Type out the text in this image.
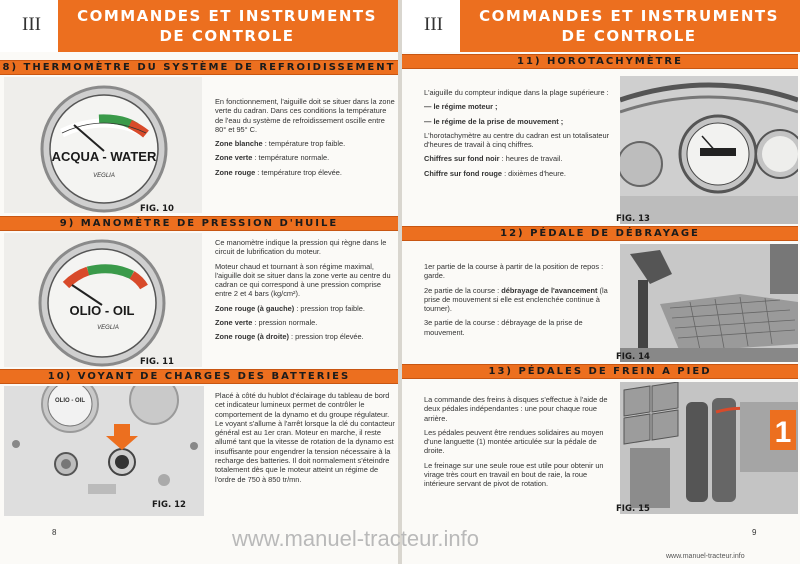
III	COMMANDES ET INSTRUMENTS
DE CONTROLE
8) THERMOMÈTRE DU SYSTÈME DE REFROIDISSEMENT
ACQUA - WATER
VEGLIA
FIG. 10

En fonctionnement, l'aiguille doit se situer dans la zone verte du cadran. Dans ces conditions la température de l'eau du système de refroidissement oscille entre 80° et 95° C.

Zone blanche : température trop faible.

Zone verte : température normale.

Zone rouge : température trop élevée.

9) MANOMÈTRE DE PRESSION D'HUILE
OLIO - OIL
VEGLIA
FIG. 11

Ce manomètre indique la pression qui règne dans le circuit de lubrification du moteur.

Moteur chaud et tournant à son régime maximal, l'aiguille doit se situer dans la zone verte au centre du cadran ce qui correspond à une pression comprise entre 2 et 4 bars (kg/cm²).

Zone rouge (à gauche) : pression trop faible.

Zone verte : pression normale.

Zone rouge (à droite) : pression trop élevée.

10) VOYANT DE CHARGES DES BATTERIES
OLIO - OIL
FIG. 12

Placé à côté du hublot d'éclairage du tableau de bord cet indicateur lumineux permet de contrôler le comportement de la dynamo et du groupe régulateur. Le voyant s'allume à l'arrêt lorsque la clé du contacteur général est au 1er cran. Moteur en marche, il reste allumé tant que la vitesse de rotation de la dynamo est insuffisante pour engendrer la tension nécessaire à la recharge des batteries. Il doit normalement s'éteindre totalement dès que le moteur atteint un régime de l'ordre de 750 à 850 tr/mn.

8
III	COMMANDES ET INSTRUMENTS
DE CONTROLE
11) HOROTACHYMÈTRE

L'aiguille du compteur indique dans la plage supérieure :

— le régime moteur ;

— le régime de la prise de mouvement ;

L'horotachymètre au centre du cadran est un totalisateur d'heures de travail à cinq chiffres.

Chiffres sur fond noir : heures de travail.

Chiffre sur fond rouge : dixièmes d'heure.

FIG. 13
12) PÉDALE DE DÉBRAYAGE

1er partie de la course à partir de la position de repos : garde.

2e partie de la course : débrayage de l'avancement (la prise de mouvement si elle est enclenchée continue à tourner).

3e partie de la course : débrayage de la prise de mouvement.

FIG. 14
13) PÉDALES DE FREIN A PIED

La commande des freins à disques s'effectue à l'aide de deux pédales indépendantes : une pour chaque roue arrière.

Les pédales peuvent être rendues solidaires au moyen d'une languette (1) montée articulée sur la pédale de droite.

Le freinage sur une seule roue est utile pour obtenir un virage très court en travail en bout de raie, la roue intérieure servant de pivot de rotation.

1
FIG. 15
9
www.manuel-tracteur.info
www.manuel-tracteur.info
